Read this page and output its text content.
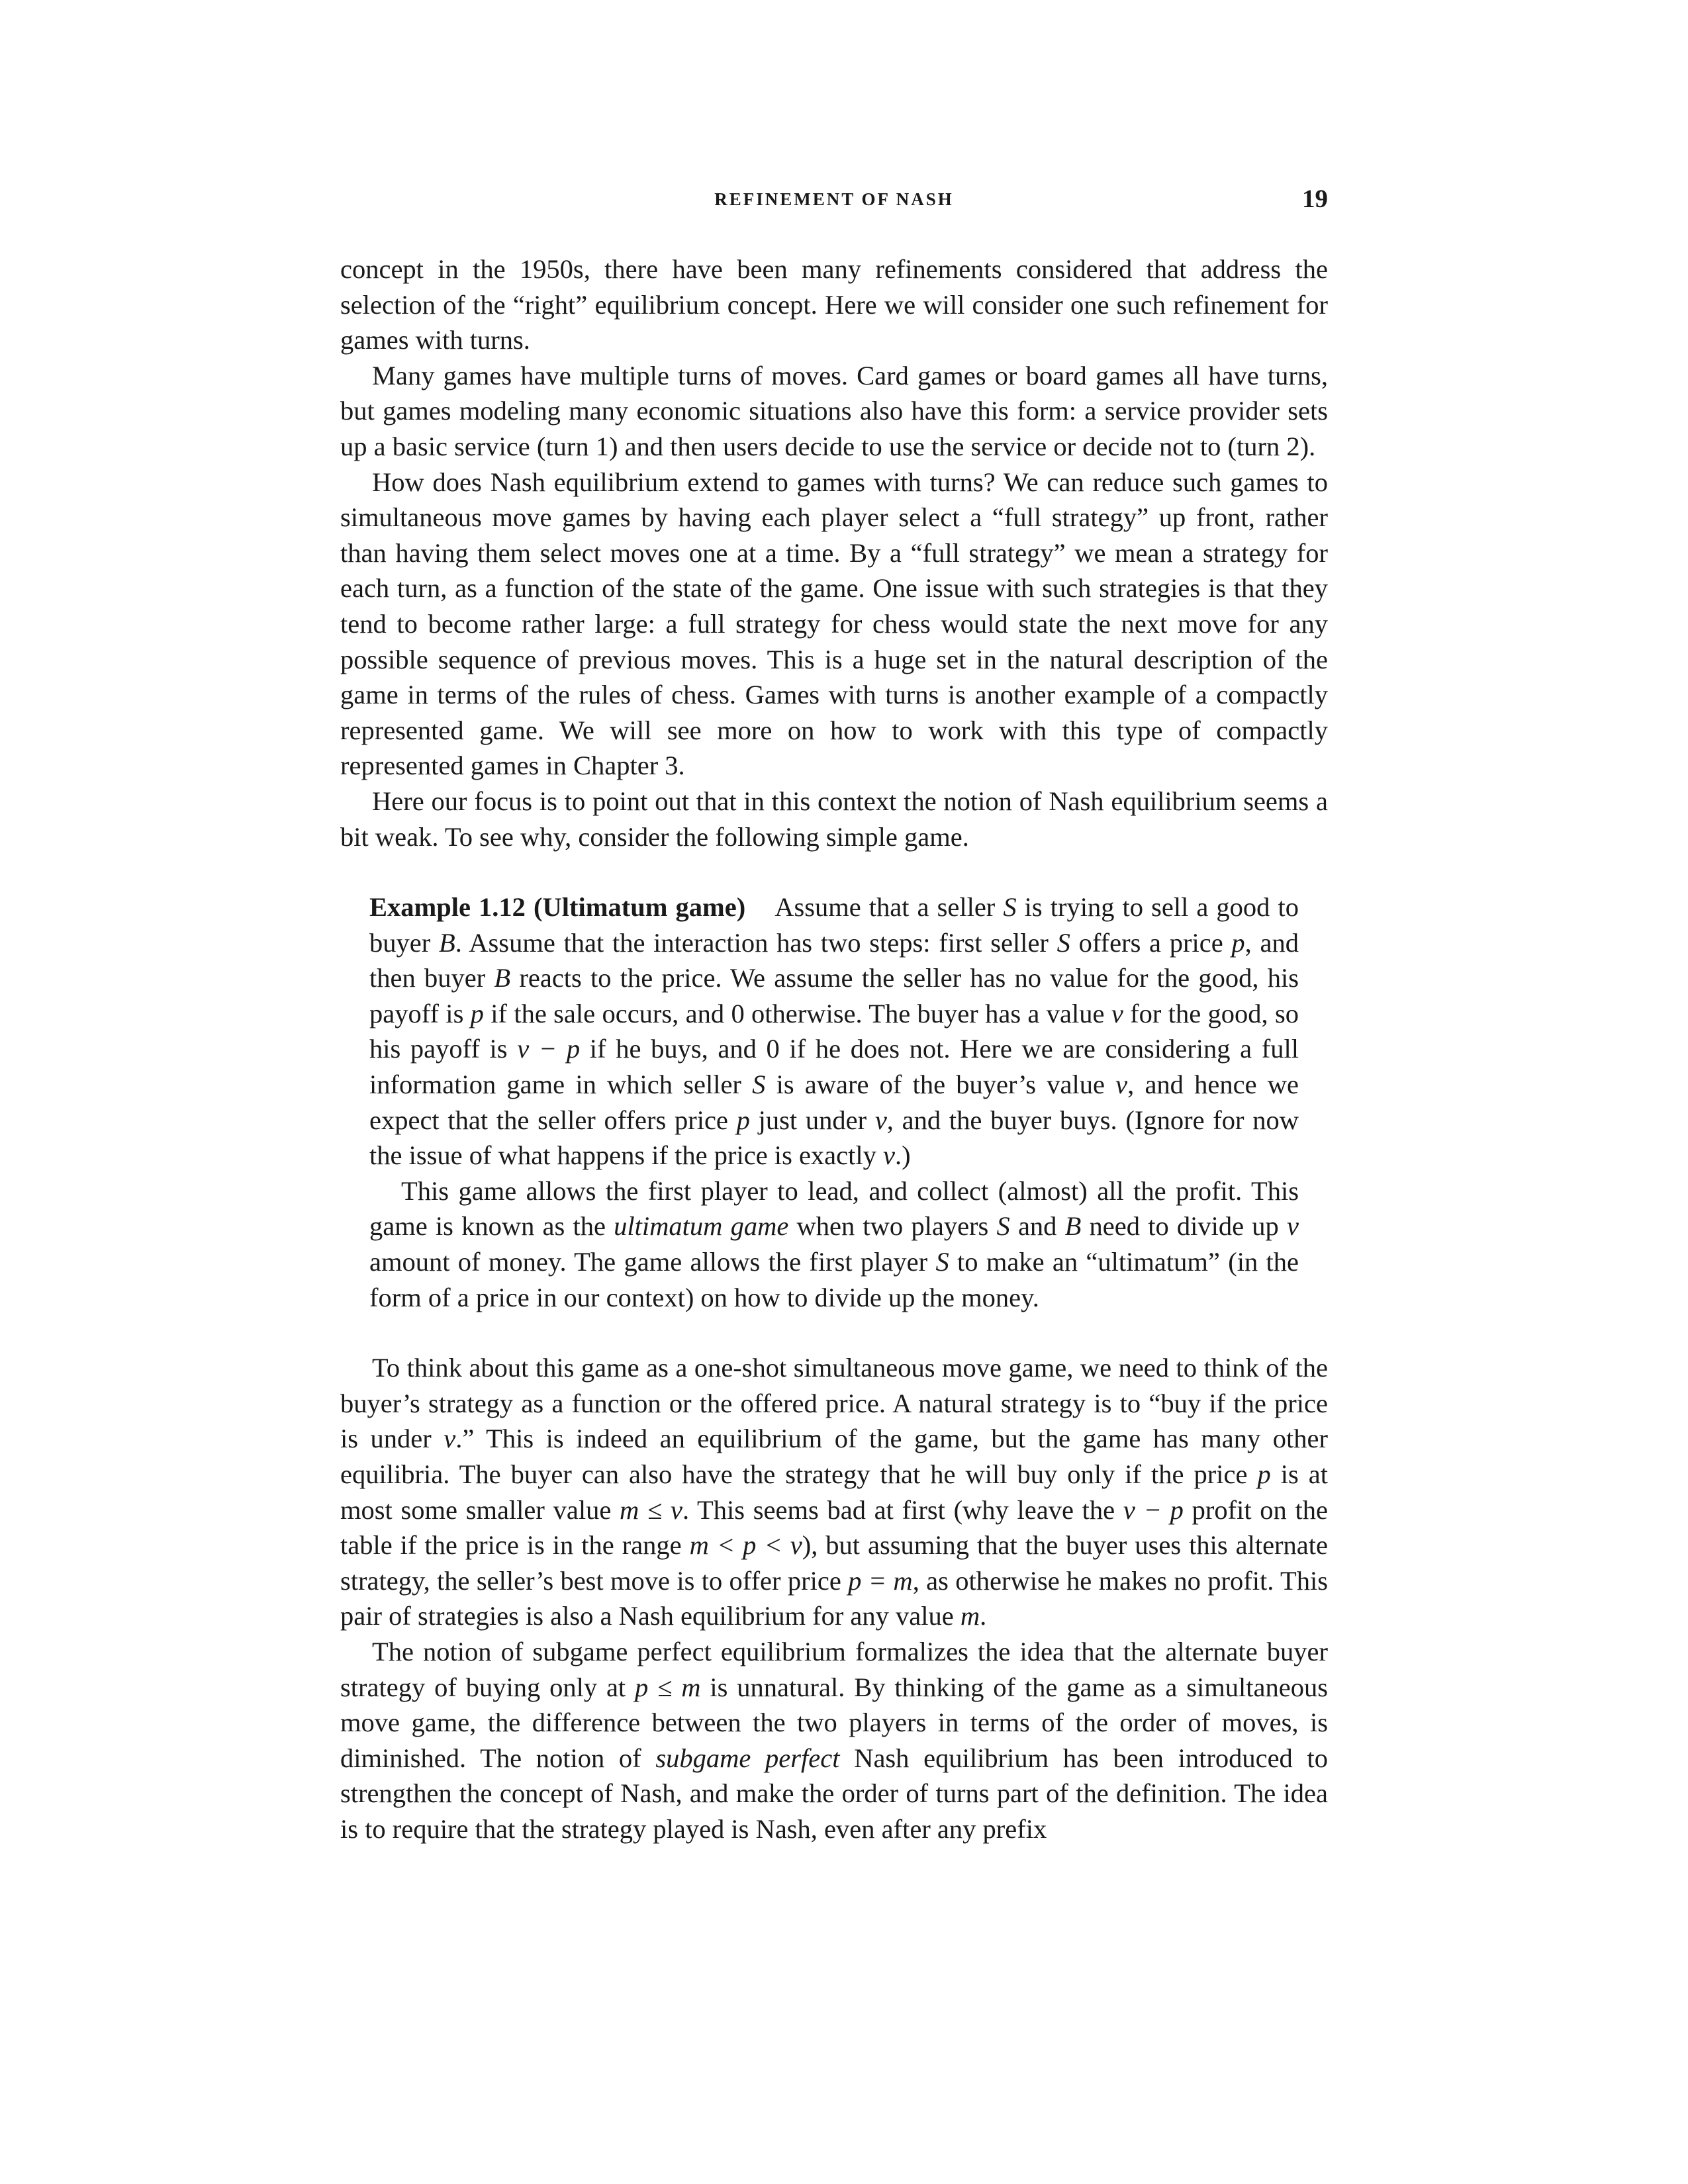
REFINEMENT OF NASH	19

concept in the 1950s, there have been many refinements considered that address the selection of the “right” equilibrium concept. Here we will consider one such refinement for games with turns.

Many games have multiple turns of moves. Card games or board games all have turns, but games modeling many economic situations also have this form: a service provider sets up a basic service (turn 1) and then users decide to use the service or decide not to (turn 2).

How does Nash equilibrium extend to games with turns? We can reduce such games to simultaneous move games by having each player select a “full strategy” up front, rather than having them select moves one at a time. By a “full strategy” we mean a strategy for each turn, as a function of the state of the game. One issue with such strategies is that they tend to become rather large: a full strategy for chess would state the next move for any possible sequence of previous moves. This is a huge set in the natural description of the game in terms of the rules of chess. Games with turns is another example of a compactly represented game. We will see more on how to work with this type of compactly represented games in Chapter 3.

Here our focus is to point out that in this context the notion of Nash equilibrium seems a bit weak. To see why, consider the following simple game.

Example 1.12 (Ultimatum game) Assume that a seller S is trying to sell a good to buyer B. Assume that the interaction has two steps: first seller S offers a price p, and then buyer B reacts to the price. We assume the seller has no value for the good, his payoff is p if the sale occurs, and 0 otherwise. The buyer has a value v for the good, so his payoff is v − p if he buys, and 0 if he does not. Here we are considering a full information game in which seller S is aware of the buyer’s value v, and hence we expect that the seller offers price p just under v, and the buyer buys. (Ignore for now the issue of what happens if the price is exactly v.)

This game allows the first player to lead, and collect (almost) all the profit. This game is known as the ultimatum game when two players S and B need to divide up v amount of money. The game allows the first player S to make an “ultimatum” (in the form of a price in our context) on how to divide up the money.

To think about this game as a one-shot simultaneous move game, we need to think of the buyer’s strategy as a function or the offered price. A natural strategy is to “buy if the price is under v.” This is indeed an equilibrium of the game, but the game has many other equilibria. The buyer can also have the strategy that he will buy only if the price p is at most some smaller value m ≤ v. This seems bad at first (why leave the v − p profit on the table if the price is in the range m < p < v), but assuming that the buyer uses this alternate strategy, the seller’s best move is to offer price p = m, as otherwise he makes no profit. This pair of strategies is also a Nash equilibrium for any value m.

The notion of subgame perfect equilibrium formalizes the idea that the alternate buyer strategy of buying only at p ≤ m is unnatural. By thinking of the game as a simultaneous move game, the difference between the two players in terms of the order of moves, is diminished. The notion of subgame perfect Nash equilibrium has been introduced to strengthen the concept of Nash, and make the order of turns part of the definition. The idea is to require that the strategy played is Nash, even after any prefix
